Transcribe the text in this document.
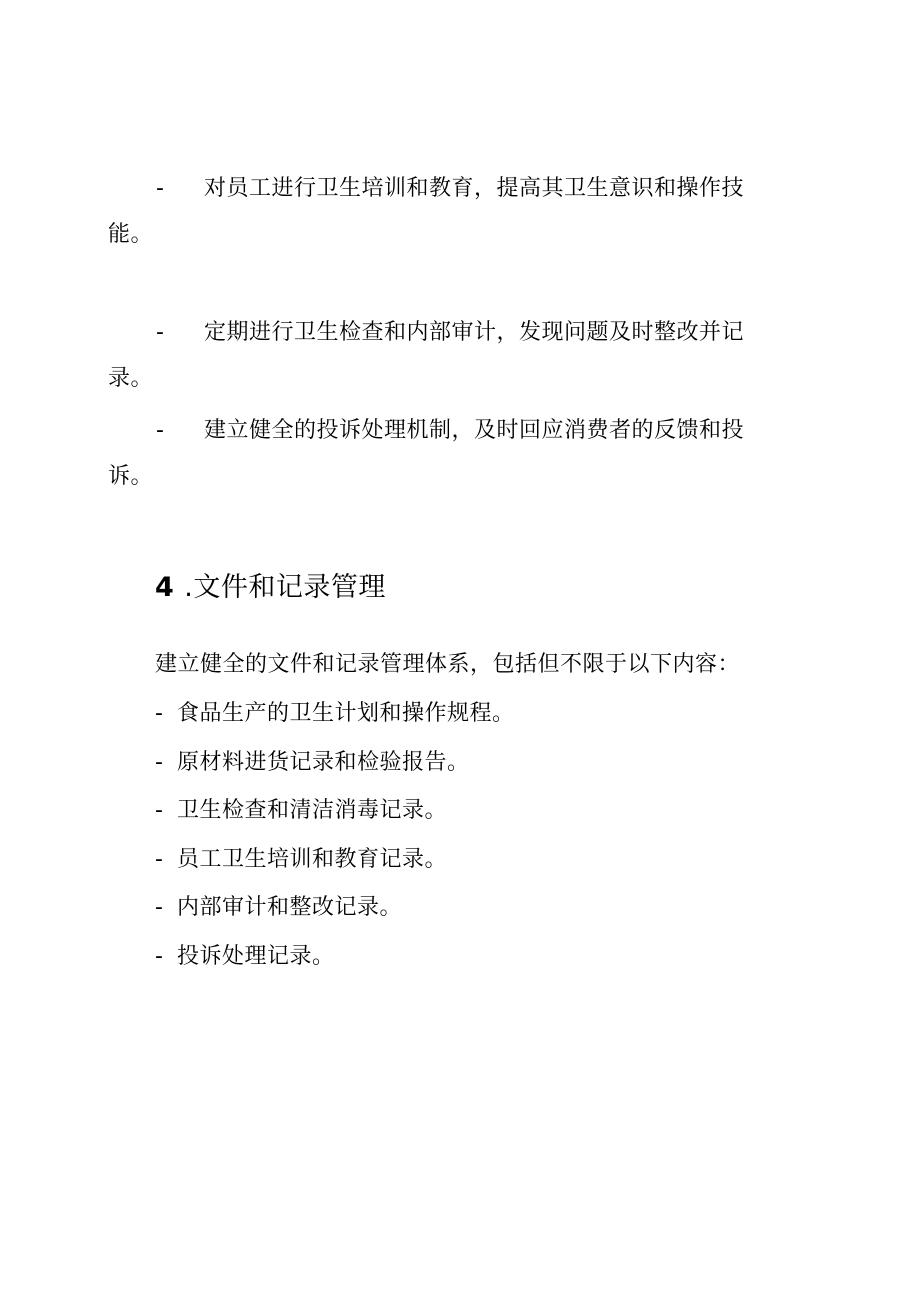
- 对员工进行卫生培训和教育，提高其卫生意识和操作技能。

- 定期进行卫生检查和内部审计，发现问题及时整改并记录。

- 建立健全的投诉处理机制，及时回应消费者的反馈和投诉。

4 .文件和记录管理

建立健全的文件和记录管理体系，包括但不限于以下内容：

- 食品生产的卫生计划和操作规程。
- 原材料进货记录和检验报告。
- 卫生检查和清洁消毒记录。
- 员工卫生培训和教育记录。
- 内部审计和整改记录。
- 投诉处理记录。
